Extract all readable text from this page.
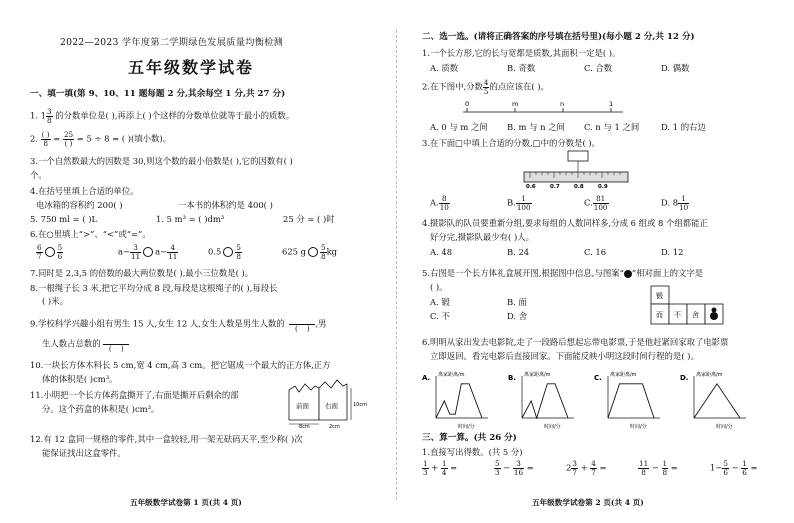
2022—2023 学年度第二学期绿色发展质量均衡检测
五年级数学试卷
一、填一填(第 9、10、11 题每题 2 分,其余每空 1 分,共 27 分)
1. $1 \frac{3}{8}$ 的分数单位是( ),再添上( )个这样的分数单位就等于最小的质数。
2. $\frac{( )}{8} = \frac{25}{( )} = 5 \div 8$ = ( )(填小数)。
3.一个自然数最大的因数是 30,则这个数的最小倍数是( ),它的因数有( )
个。
4.在括号里填上合适的单位。
电冰箱的容积约 200( )	一本书的体积约是 400( )
5. 750 ml = ( )L	1. 5 m³ = ( )dm³	25 分 = ( )时
6.在○里填上“>”、“<”或“=”。
$\frac{6}{7} \frac{5}{6}$	$a- \frac{3}{11} a- \frac{4}{11}$	$0.5 \frac{5}{8}$	625 g $\frac{5}{8}$ kg
7.同时是 2,3,5 的倍数的最大两位数是( ),最小三位数是( )。
8.一根绳子长 3 米,把它平均分成 8 段,每段是这根绳子的( ),每段长
( )米。
9.学校科学兴趣小组有男生 15 人,女生 12 人,女生人数是男生人数的
	(    ) ,男
生人数占总数的
	(    )
10.一块长方体木料长 5 cm,宽 4 cm,高 3 cm。把它锯成一个最大的正方体,正方
体的体积是( )cm³。
11.小明把一个长方体药盒撕开了,右面是撕开后剩余的部
分。这个药盒的体积是( )cm³。	前面 右面	10cm
8cm	2cm
12.有 12 盒同一规格的零件,其中一盒较轻,用一架无砝码天平,至少称( )次
能保证找出这盒零件。
五年级数学试卷第 1 页(共 4 页)
二、选一选。(请将正确答案的序号填在括号里)(每小题 2 分,共 12 分)
1.一个长方形,它的长与宽都是质数,其面积一定是( )。
A. 质数	B. 奇数	C. 合数	D. 偶数
2.在下图中,分数 $\frac{4}{5}$ 的点应该在( )。
0	m	n	1
A. 0 与 m 之间 B. m 与 n 之间 C. n 与 1 之间	D. 1 的右边
3.在下面□中填上合适的分数,□中的分数是( )。
0.6	0.7	0.8	0.9
A. $\frac{8}{10}$	B. $\frac{1}{100}$	C. $\frac{81}{100}$	D. $8 \frac{1}{10}$
4.摄影队的队员要重新分组,要求每组的人数同样多,分成 6 组或 8 个组都能正
好分完,摄影队最少有( )人。
A. 48	B. 24	C. 16	D. 12
5.右图是一个长方体礼盒展开图,根据图中信息,与图案“ ”相对面上的文字是
( )。
A. 锻	B. 面
C. 不	D. 舍
锻
而 不 舍
6.明明从家出发去电影院,走了一段路后想起忘带电影票,于是他赶紧回家取了电影票
立即返回。看完电影后直接回家。下面能反映小明这段时间行程的是( )。
A. 离家距离/m
时间/分
B. 离家距离/m
时间/分
C. 离家距离/m
时间/分
D. 离家距离/m
时间/分
三、算一算。(共 26 分)
1.直接写出得数。(共 5 分)
$\frac{1}{3} + \frac{1}{4}$ =	$\frac{5}{3} - \frac{3}{16}$ =	$2 \frac{3}{7} + \frac{4}{7}$ =	$\frac{11}{8} - \frac{1}{8}$ =	$1- \frac{5}{6} - \frac{1}{6}$ =
五年级数学试卷第 2 页(共 4 页)
